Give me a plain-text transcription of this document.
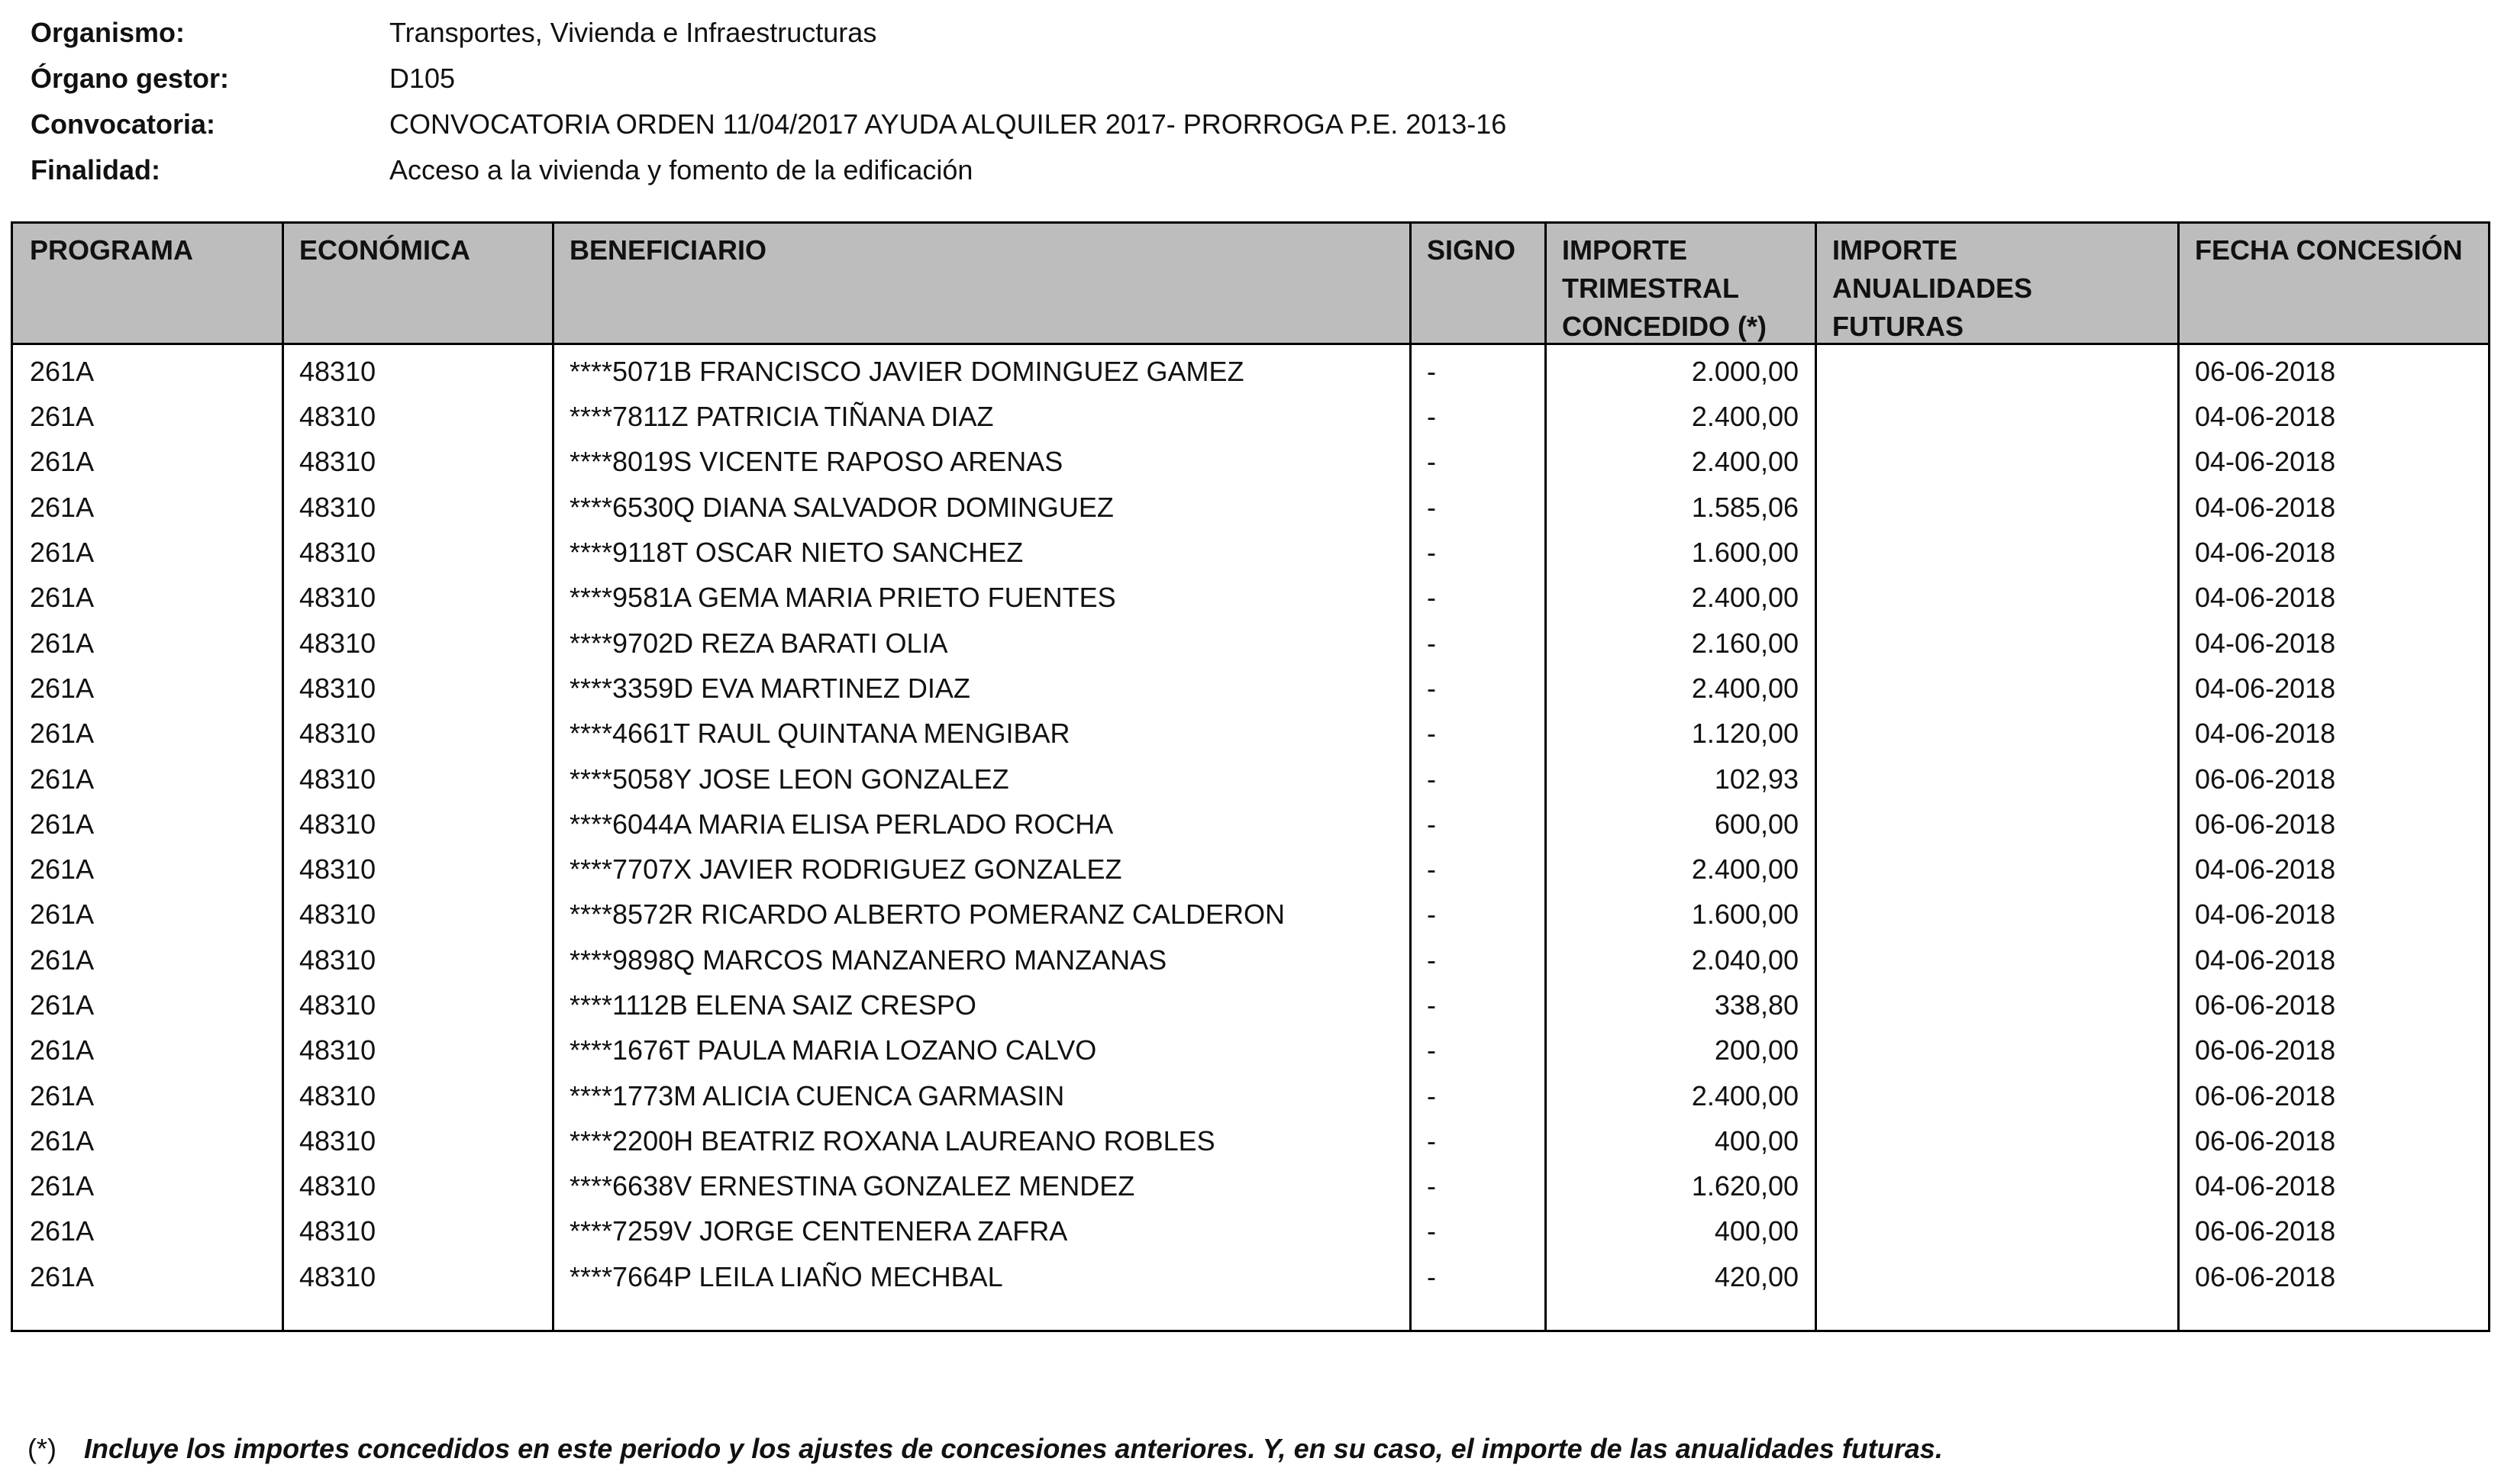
Organismo:	Transportes, Vivienda e Infraestructuras
Órgano gestor:	D105
Convocatoria:	CONVOCATORIA ORDEN 11/04/2017 AYUDA ALQUILER 2017- PRORROGA P.E. 2013-16
Finalidad:	Acceso a la vivienda y fomento de la edificación
PROGRAMA	ECONÓMICA	BENEFICIARIO	SIGNO	IMPORTE TRIMESTRAL CONCEDIDO (*)	IMPORTE ANUALIDADES FUTURAS	FECHA CONCESIÓN
261A	48310	****5071B FRANCISCO JAVIER DOMINGUEZ GAMEZ	-	2.000,00		06-06-2018
261A	48310	****7811Z PATRICIA TIÑANA DIAZ	-	2.400,00		04-06-2018
261A	48310	****8019S VICENTE RAPOSO ARENAS	-	2.400,00		04-06-2018
261A	48310	****6530Q DIANA SALVADOR DOMINGUEZ	-	1.585,06		04-06-2018
261A	48310	****9118T OSCAR NIETO SANCHEZ	-	1.600,00		04-06-2018
261A	48310	****9581A GEMA MARIA PRIETO FUENTES	-	2.400,00		04-06-2018
261A	48310	****9702D REZA BARATI OLIA	-	2.160,00		04-06-2018
261A	48310	****3359D EVA MARTINEZ DIAZ	-	2.400,00		04-06-2018
261A	48310	****4661T RAUL QUINTANA MENGIBAR	-	1.120,00		04-06-2018
261A	48310	****5058Y JOSE LEON GONZALEZ	-	102,93		06-06-2018
261A	48310	****6044A MARIA ELISA PERLADO ROCHA	-	600,00		06-06-2018
261A	48310	****7707X JAVIER RODRIGUEZ GONZALEZ	-	2.400,00		04-06-2018
261A	48310	****8572R RICARDO ALBERTO POMERANZ CALDERON	-	1.600,00		04-06-2018
261A	48310	****9898Q MARCOS MANZANERO MANZANAS	-	2.040,00		04-06-2018
261A	48310	****1112B ELENA SAIZ CRESPO	-	338,80		06-06-2018
261A	48310	****1676T PAULA MARIA LOZANO CALVO	-	200,00		06-06-2018
261A	48310	****1773M ALICIA CUENCA GARMASIN	-	2.400,00		06-06-2018
261A	48310	****2200H BEATRIZ ROXANA LAUREANO ROBLES	-	400,00		06-06-2018
261A	48310	****6638V ERNESTINA GONZALEZ MENDEZ	-	1.620,00		04-06-2018
261A	48310	****7259V JORGE CENTENERA ZAFRA	-	400,00		06-06-2018
261A	48310	****7664P LEILA LIAÑO MECHBAL	-	420,00		06-06-2018
(*) Incluye los importes concedidos en este periodo y los ajustes de concesiones anteriores. Y, en su caso, el importe de las anualidades futuras.
